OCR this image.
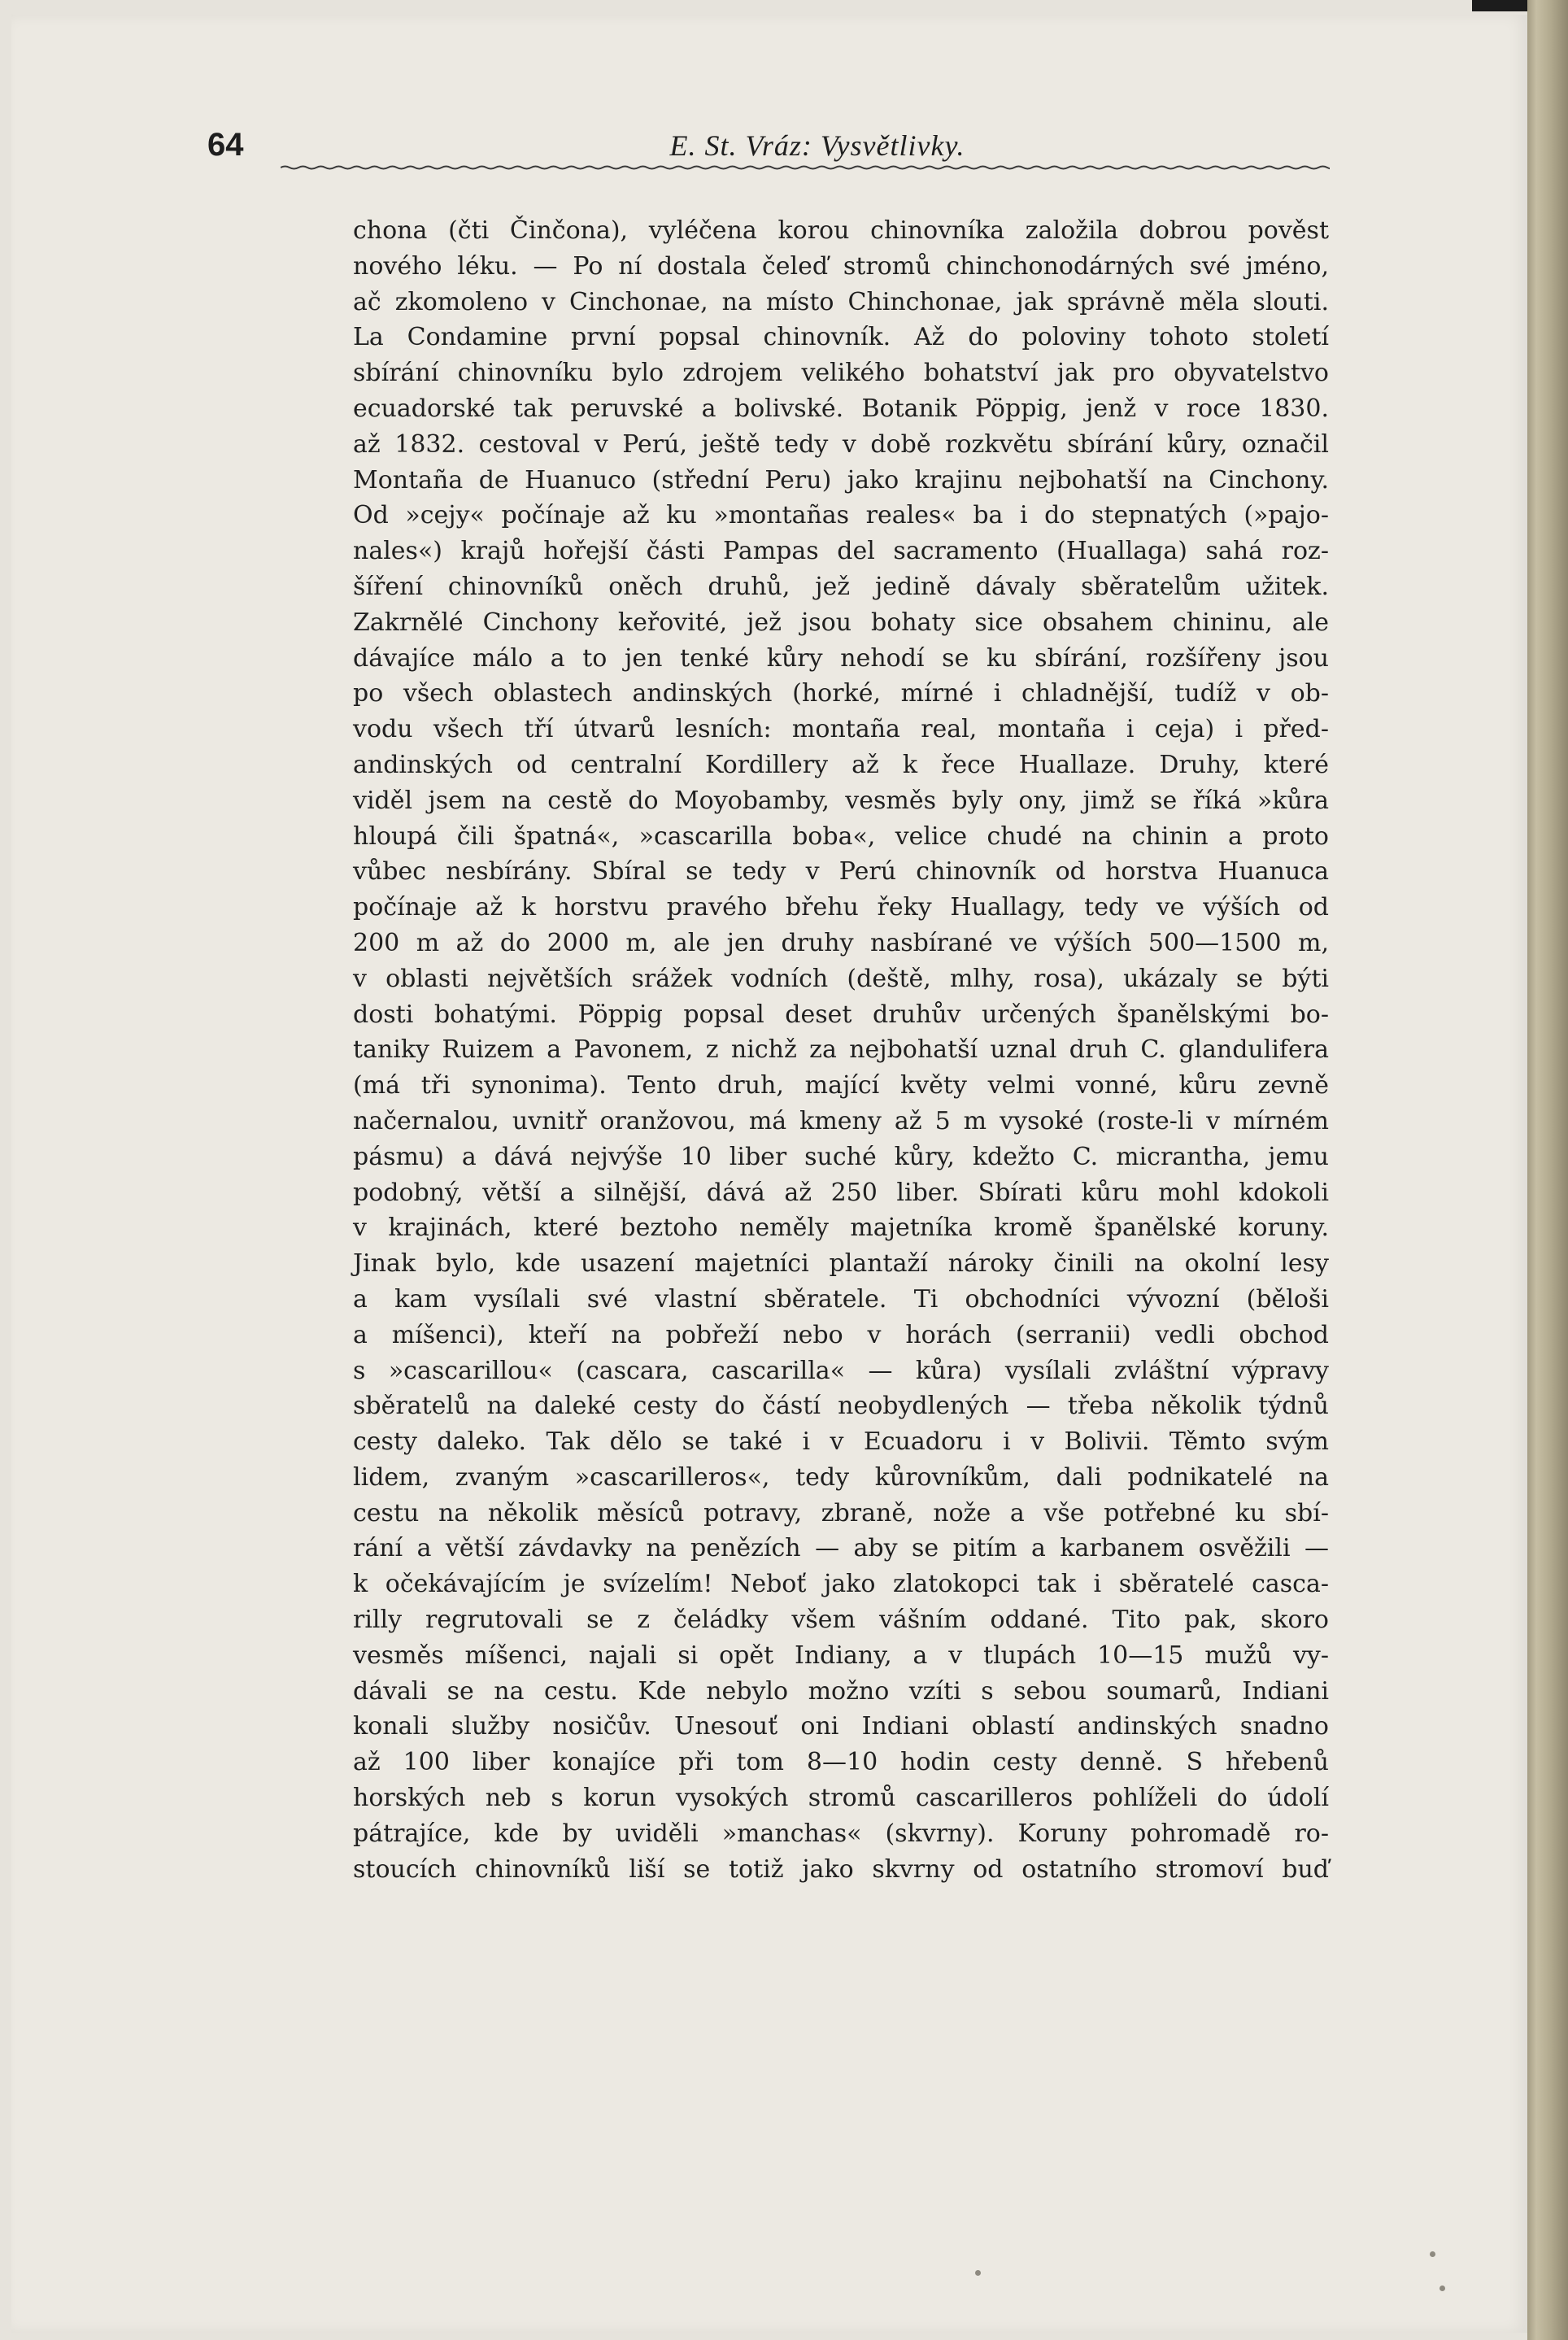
64	E. St. Vráz: Vysvětlivky.
chona (čti Činčona), vyléčena korou chinovníka založila dobrou pověst
nového léku. — Po ní dostala čeleď stromů chinchonodárných své jméno,
ač zkomoleno v Cinchonae, na místo Chinchonae, jak správně měla slouti.
La Condamine první popsal chinovník. Až do poloviny tohoto století
sbírání chinovníku bylo zdrojem velikého bohatství jak pro obyvatelstvo
ecuadorské tak peruvské a bolivské. Botanik Pöppig, jenž v roce 1830.
až 1832. cestoval v Perú, ještě tedy v době rozkvětu sbírání kůry, označil
Montaña de Huanuco (střední Peru) jako krajinu nejbohatší na Cinchony.
Od »cejy« počínaje až ku »montañas reales« ba i do stepnatých (»pajo-
nales«) krajů hořejší části Pampas del sacramento (Huallaga) sahá roz-
šíření chinovníků oněch druhů, jež jedině dávaly sběratelům užitek.
Zakrnělé Cinchony keřovité, jež jsou bohaty sice obsahem chininu, ale
dávajíce málo a to jen tenké kůry nehodí se ku sbírání, rozšířeny jsou
po všech oblastech andinských (horké, mírné i chladnější, tudíž v ob-
vodu všech tří útvarů lesních: montaña real, montaña i ceja) i před-
andinských od centralní Kordillery až k řece Huallaze. Druhy, které
viděl jsem na cestě do Moyobamby, vesměs byly ony, jimž se říká »kůra
hloupá čili špatná«, »cascarilla boba«, velice chudé na chinin a proto
vůbec nesbírány. Sbíral se tedy v Perú chinovník od horstva Huanuca
počínaje až k horstvu pravého břehu řeky Huallagy, tedy ve výších od
200 m až do 2000 m, ale jen druhy nasbírané ve výších 500—1500 m,
v oblasti největších srážek vodních (deště, mlhy, rosa), ukázaly se býti
dosti bohatými. Pöppig popsal deset druhův určených španělskými bo-
taniky Ruizem a Pavonem, z nichž za nejbohatší uznal druh C. glandulifera
(má tři synonima). Tento druh, mající květy velmi vonné, kůru zevně
načernalou, uvnitř oranžovou, má kmeny až 5 m vysoké (roste-li v mírném
pásmu) a dává nejvýše 10 liber suché kůry, kdežto C. micrantha, jemu
podobný, větší a silnější, dává až 250 liber. Sbírati kůru mohl kdokoli
v krajinách, které beztoho neměly majetníka kromě španělské koruny.
Jinak bylo, kde usazení majetníci plantaží nároky činili na okolní lesy
a kam vysílali své vlastní sběratele. Ti obchodníci vývozní (běloši
a míšenci), kteří na pobřeží nebo v horách (serranii) vedli obchod
s »cascarillou« (cascara, cascarilla« — kůra) vysílali zvláštní výpravy
sběratelů na daleké cesty do částí neobydlených — třeba několik týdnů
cesty daleko. Tak dělo se také i v Ecuadoru i v Bolivii. Těmto svým
lidem, zvaným »cascarilleros«, tedy kůrovníkům, dali podnikatelé na
cestu na několik měsíců potravy, zbraně, nože a vše potřebné ku sbí-
rání a větší závdavky na penězích — aby se pitím a karbanem osvěžili —
k očekávajícím je svízelím! Neboť jako zlatokopci tak i sběratelé casca-
rilly regrutovali se z čeládky všem vášním oddané. Tito pak, skoro
vesměs míšenci, najali si opět Indiany, a v tlupách 10—15 mužů vy-
dávali se na cestu. Kde nebylo možno vzíti s sebou soumarů, Indiani
konali služby nosičův. Unesouť oni Indiani oblastí andinských snadno
až 100 liber konajíce při tom 8—10 hodin cesty denně. S hřebenů
horských neb s korun vysokých stromů cascarilleros pohlíželi do údolí
pátrajíce, kde by uviděli »manchas« (skvrny). Koruny pohromadě ro-
stoucích chinovníků liší se totiž jako skvrny od ostatního stromoví buď
